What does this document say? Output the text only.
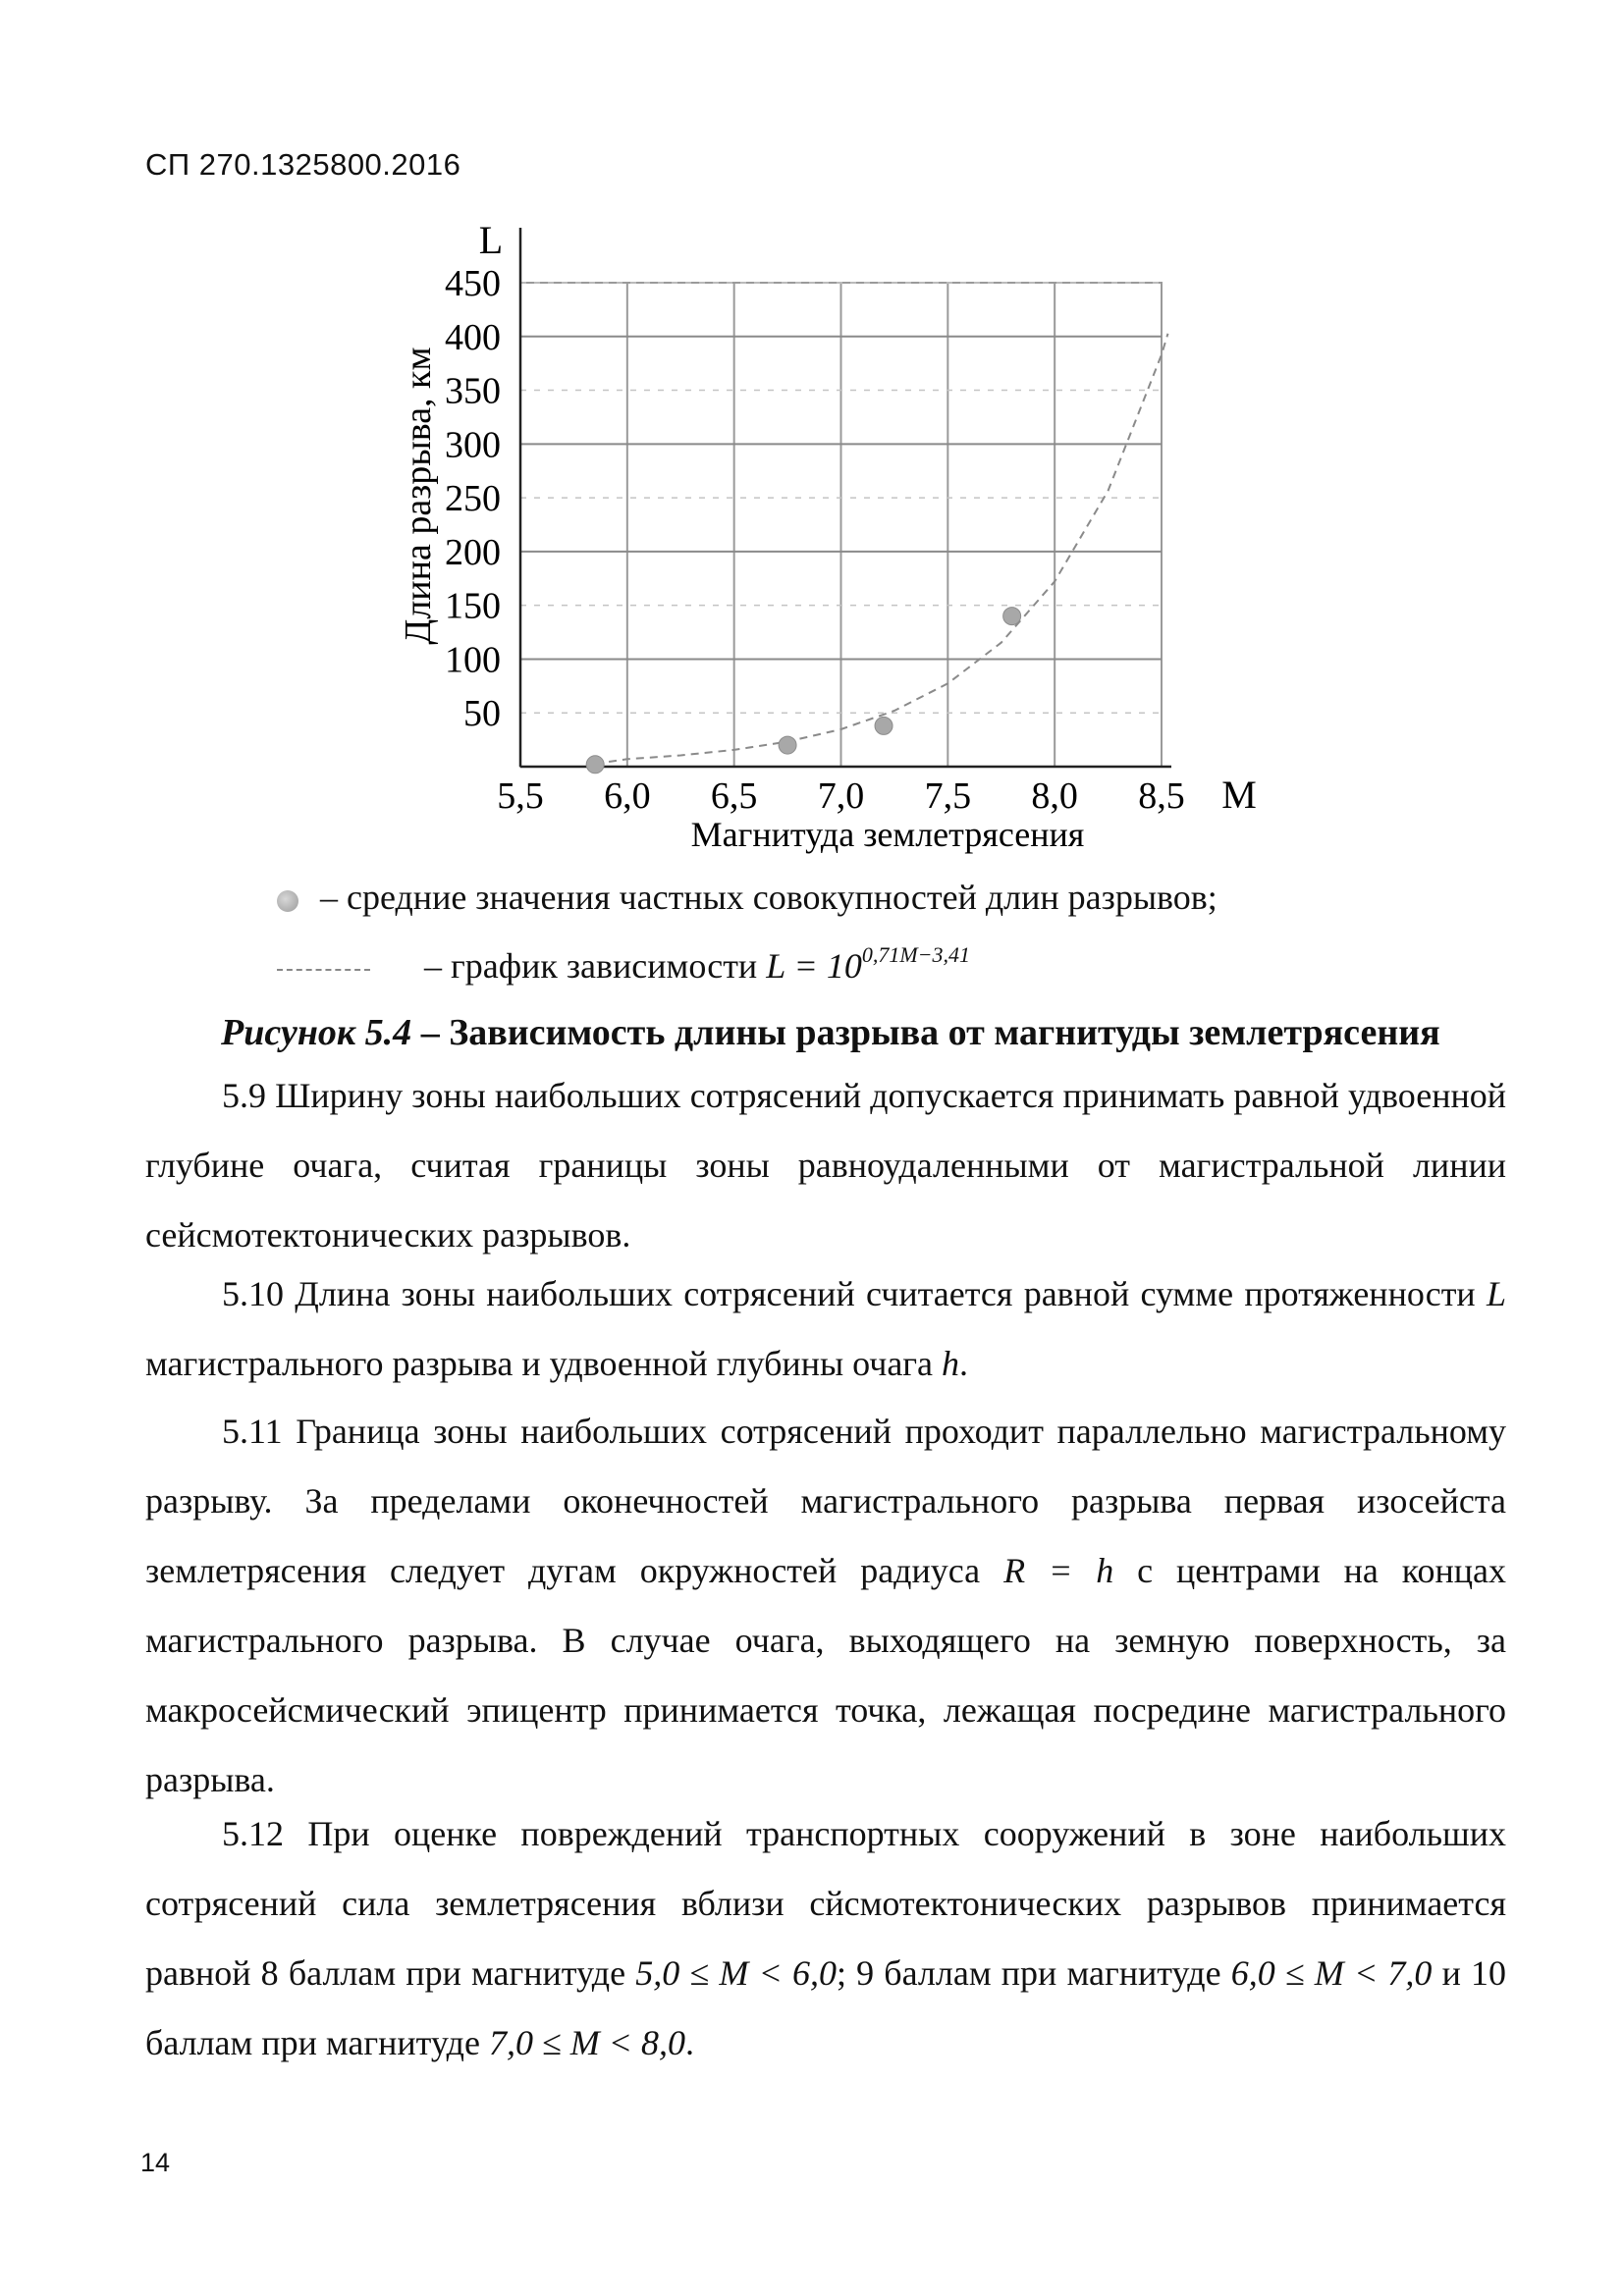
СП 270.1325800.2016
5,5 6,0 6,5 7,0 7,5 8,0 8,5
50
100
150
200
250
300
350
400
450
L
M
Длина разрыва, км
Магнитуда землетрясения
– средние значения частных совокупностей длин разрывов;
– график зависимости $L = 10^{0,71M-3,41}$
Рисунок 5.4 – Зависимость длины разрыва от магнитуды землетрясения

5.9 Ширину зоны наибольших сотрясений допускается принимать равной удвоенной глубине очага, считая границы зоны равноудаленными от магистральной линии сейсмотектонических разрывов.

5.10 Длина зоны наибольших сотрясений считается равной сумме протяженности L магистрального разрыва и удвоенной глубины очага h.

5.11 Граница зоны наибольших сотрясений проходит параллельно магистральному разрыву. За пределами оконечностей магистрального разрыва первая изосейста землетрясения следует дугам окружностей радиуса R = h с центрами на концах магистрального разрыва. В случае очага, выходящего на земную поверхность, за макросейсмический эпицентр принимается точка, лежащая посредине магистрального разрыва.

5.12 При оценке повреждений транспортных сооружений в зоне наибольших сотрясений сила землетрясения вблизи сйсмотектонических разрывов принимается равной 8 баллам при магнитуде 5,0 ≤ M < 6,0; 9 баллам при магнитуде 6,0 ≤ M < 7,0 и 10 баллам при магнитуде 7,0 ≤ M < 8,0.

14
